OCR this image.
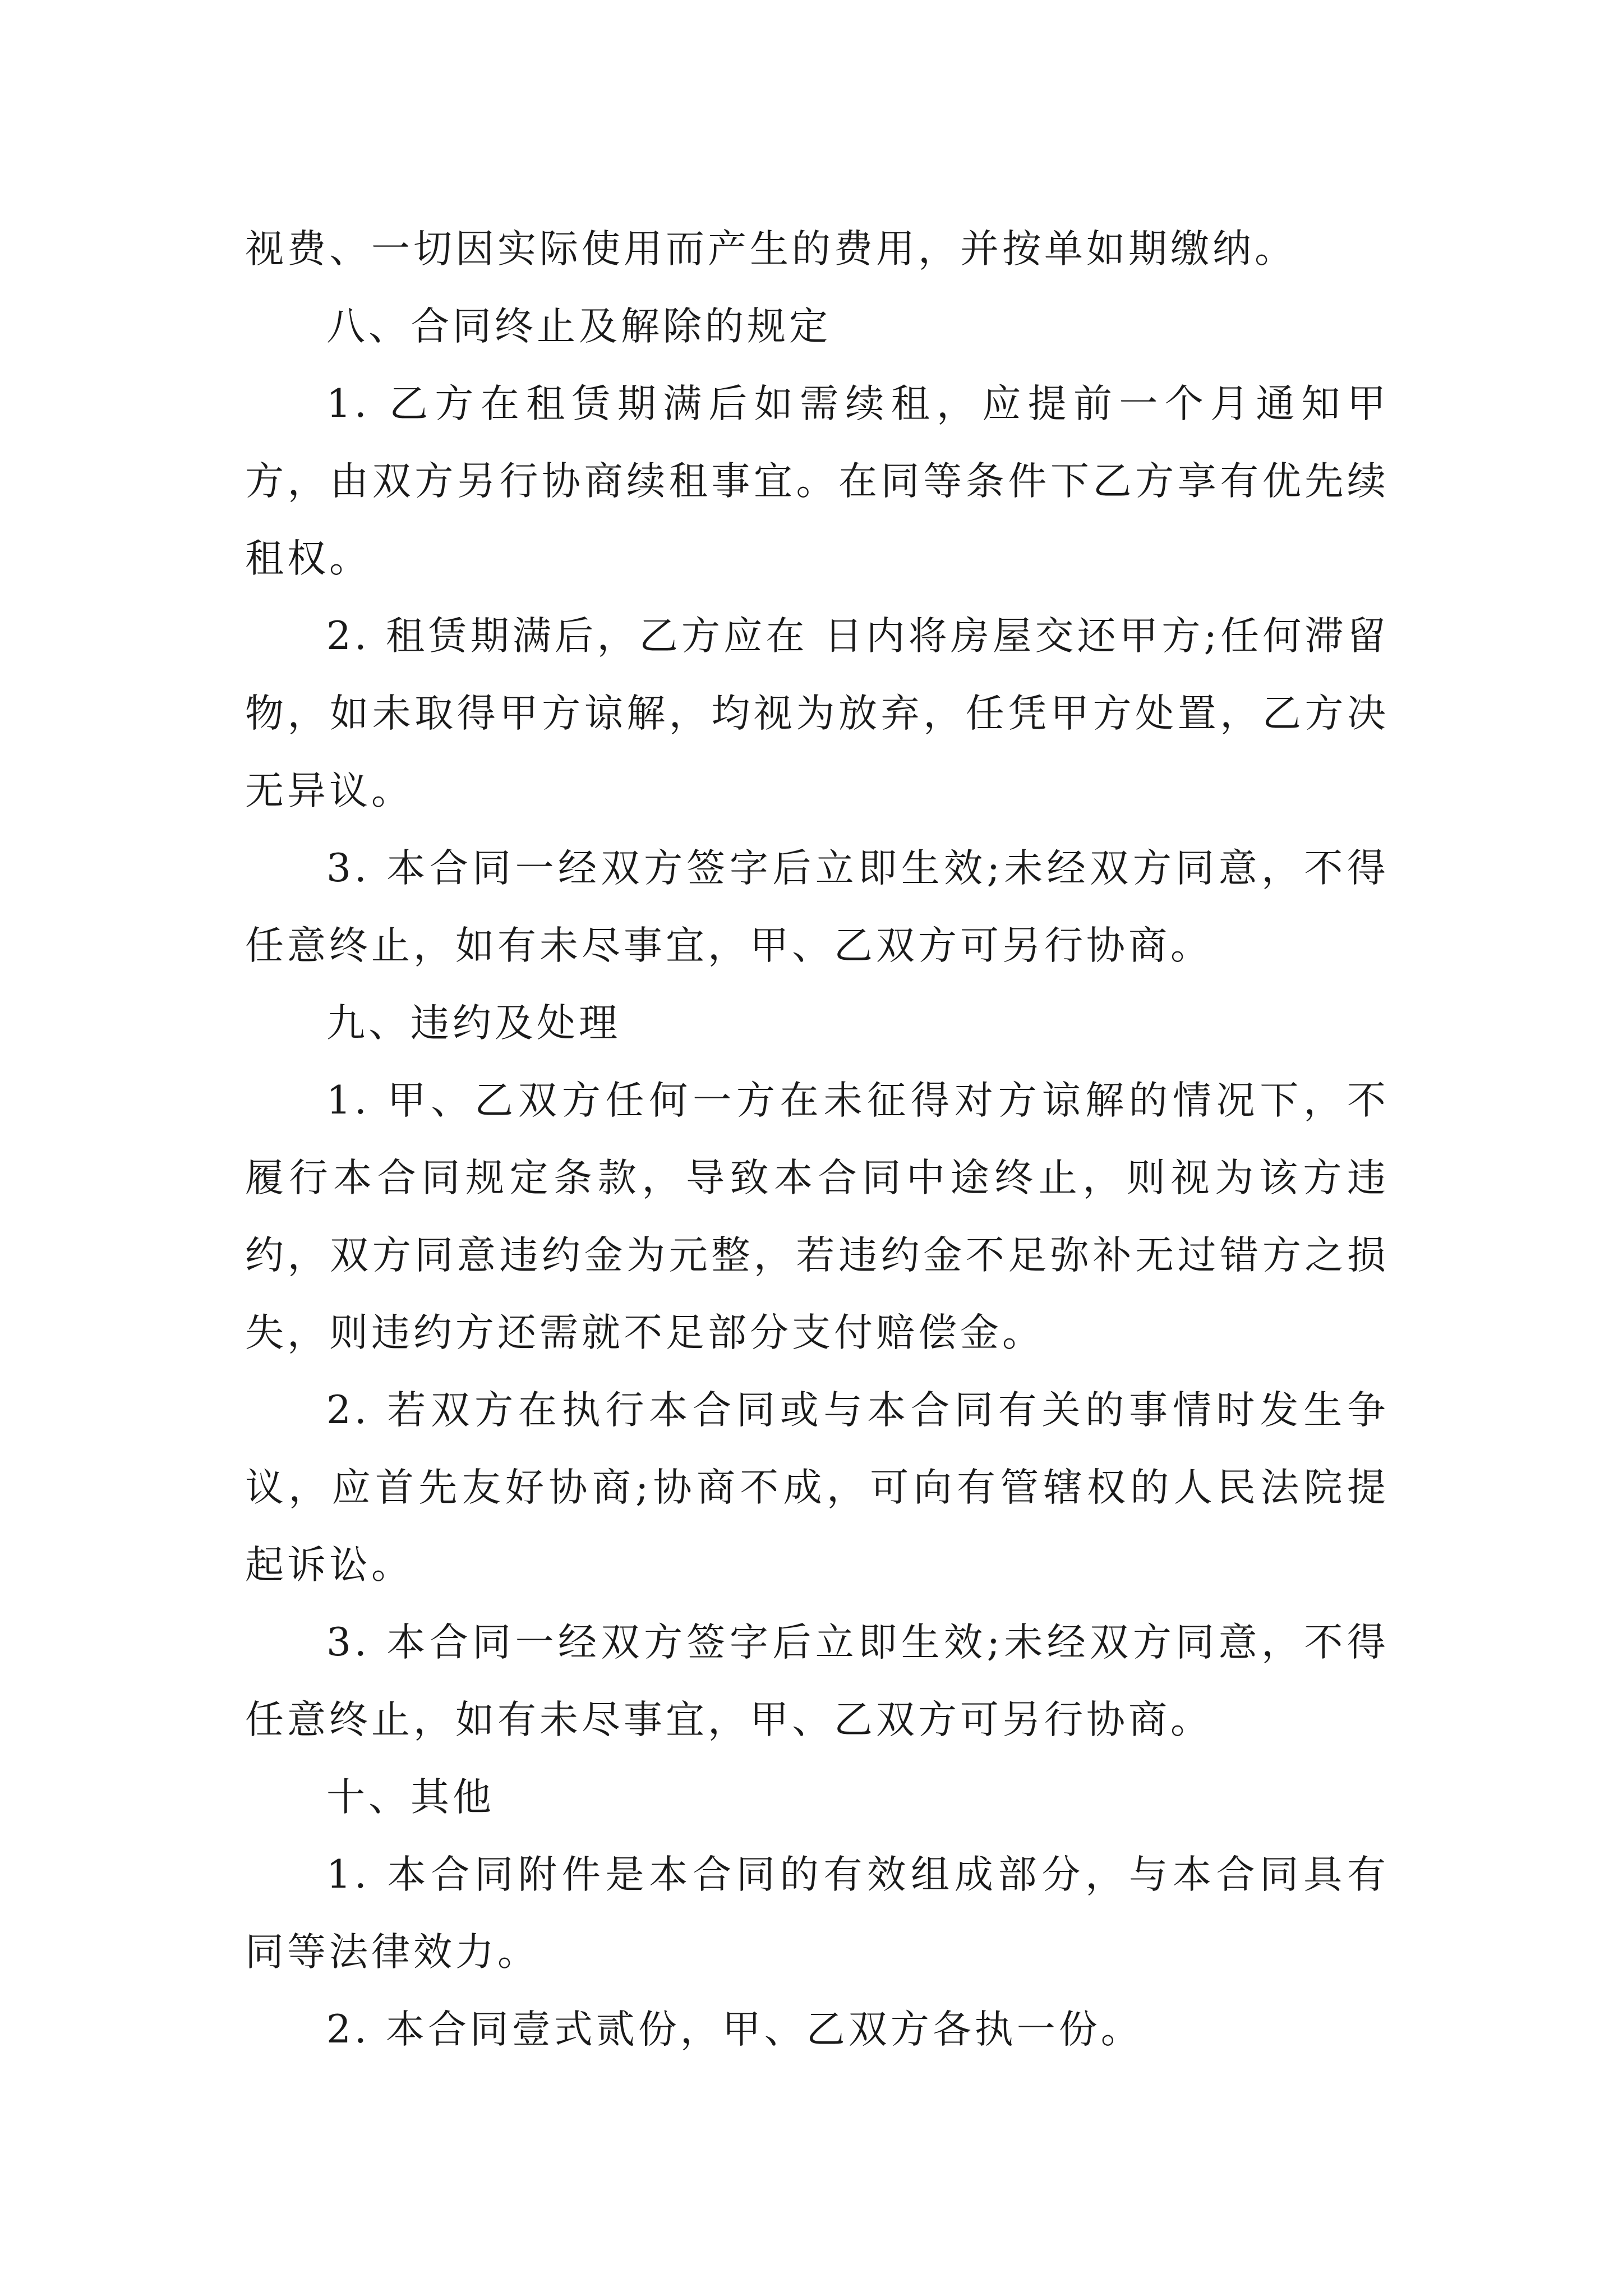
视费、一切因实际使用而产生的费用，并按单如期缴纳。

八、合同终止及解除的规定

1. 乙方在租赁期满后如需续租，应提前一个月通知甲方，由双方另行协商续租事宜。在同等条件下乙方享有优先续租权。

2. 租赁期满后，乙方应在 日内将房屋交还甲方;任何滞留物，如未取得甲方谅解，均视为放弃，任凭甲方处置，乙方决无异议。

3. 本合同一经双方签字后立即生效;未经双方同意，不得任意终止，如有未尽事宜，甲、乙双方可另行协商。

九、违约及处理

1. 甲、乙双方任何一方在未征得对方谅解的情况下，不履行本合同规定条款，导致本合同中途终止，则视为该方违约，双方同意违约金为元整，若违约金不足弥补无过错方之损失，则违约方还需就不足部分支付赔偿金。

2. 若双方在执行本合同或与本合同有关的事情时发生争议，应首先友好协商;协商不成，可向有管辖权的人民法院提起诉讼。

3. 本合同一经双方签字后立即生效;未经双方同意，不得任意终止，如有未尽事宜，甲、乙双方可另行协商。

十、其他

1. 本合同附件是本合同的有效组成部分，与本合同具有同等法律效力。

2. 本合同壹式贰份，甲、乙双方各执一份。
